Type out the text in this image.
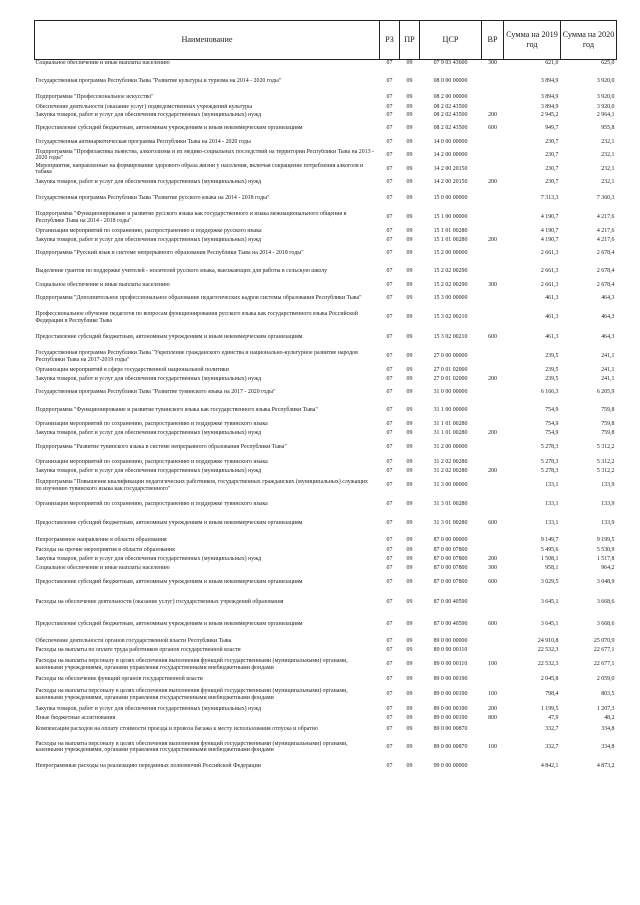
Наименование	РЗ	ПР	ЦСР	ВР	Сумма на 2019 год	Сумма на 2020 год
Социальное обеспечение и иные выплаты населению	07	09	07 9 03 43600	300	621,0	625,0
Государственная программа Республики Тыва "Развитие культуры и туризма на 2014 - 2020 годы"	07	09	08 0 00 00000		3 894,9	3 920,0
Подпрограмма "Профессиональное искусство"	07	09	08 2 00 00000		3 894,9	3 920,0
Обеспечение деятельности (оказание услуг) подведомственных учреждений культуры	07	09	08 2 02 43500		3 894,9	3 920,0
Закупка товаров, работ и услуг для обеспечения государственных (муниципальных) нужд	07	09	08 2 02 43500	200	2 945,2	2 964,1
Предоставление субсидий бюджетным, автономным учреждениям и иным некоммерческим организациям	07	09	08 2 02 43500	600	949,7	955,8
Государственная антинаркотическая программа Республики Тыва на 2014 - 2020 годы	07	09	14 0 00 00000		230,7	232,1
Подпрограмма "Профилактика пьянства, алкоголизма и их медико-социальных последствий на территории Республики Тыва на 2013 - 2020 годы"	07	09	14 2 00 00000		230,7	232,1
Мероприятия, направленные на формирование здорового образа жизни у населения, включая сокращение потребления алкоголя и табака	07	09	14 2 00 20150		230,7	232,1
Закупка товаров, работ и услуг для обеспечения государственных (муниципальных) нужд	07	09	14 2 00 20150	200	230,7	232,1
Государственная программа Республики Тыва "Развитие русского языка на 2014 - 2018 годы"	07	09	15 0 00 00000		7 313,3	7 360,3
Подпрограмма "Функционирование и развитие русского языка как государственного и языка межнационального общения в Республике Тыва на 2014 - 2018 годы"	07	09	15 1 00 00000		4 190,7	4 217,6
Организация мероприятий по сохранению, распространению и поддержке русского языка	07	09	15 1 01 00280		4 190,7	4 217,6
Закупка товаров, работ и услуг для обеспечения государственных (муниципальных) нужд	07	09	15 1 01 00280	200	4 190,7	4 217,6
Подпрограмма "Русский язык в системе непрерывного образования Республики Тыва на 2014 - 2018 годы"	07	09	15 2 00 00000		2 661,3	2 678,4
Выделение грантов по поддержке учителей - носителей русского языка, выезжающих для работы в сельскую школу	07	09	15 2 02 00290		2 661,3	2 678,4
Социальное обеспечение и иные выплаты населению	07	09	15 2 02 00290	300	2 661,3	2 678,4
Подпрограмма "Дополнительное профессиональное образование педагогических кадров системы образования Республики Тыва"	07	09	15 3 00 00000		461,3	464,3
Профессиональное обучение педагогов по вопросам функционирования русского языка как государственного языка Российской Федерации в Республике Тыва	07	09	15 3 02 00210		461,3	464,3
Предоставление субсидий бюджетным, автономным учреждениям и иным некоммерческим организациям	07	09	15 3 02 00210	600	461,3	464,3
Государственная программа Республики Тыва "Укрепление гражданского единства и национально-культурное развитие народов Республики Тыва на 2017-2019 годы"	07	09	27 0 00 00000		239,5	241,1
Организация мероприятий в сфере государственной национальной политики	07	09	27 0 01 02000		239,5	241,1
Закупка товаров, работ и услуг для обеспечения государственных (муниципальных) нужд	07	09	27 0 01 02000	200	239,5	241,1
Государственная программа Республики Тыва "Развитие тувинского языка на 2017 - 2020 годы"	07	09	31 0 00 00000		6 166,3	6 205,9
Подпрограмма "Функционирование и развитие тувинского языка как государственного языка Республики Тыва"	07	09	31 1 00 00000		754,9	759,8
Организация мероприятий по сохранению, распространению и поддержке тувинского языка	07	09	31 1 01 00280		754,9	759,8
Закупка товаров, работ и услуг для обеспечения государственных (муниципальных) нужд	07	09	31 1 01 00280	200	754,9	759,8
Подпрограмма "Развитие тувинского языка в системе непрерывного образования Республики Тыва"	07	09	31 2 00 00000		5 278,3	5 312,2
Организация мероприятий по сохранению, распространению и поддержке тувинского языка	07	09	31 2 02 00280		5 278,3	5 312,2
Закупка товаров, работ и услуг для обеспечения государственных (муниципальных) нужд	07	09	31 2 02 00280	200	5 278,3	5 312,2
Подпрограмма "Повышение квалификации педагогических работников, государственных гражданских (муниципальных) служащих по изучению тувинского языка как государственного"	07	09	31 3 00 00000		133,1	133,9
Организация мероприятий по сохранению, распространению и поддержке тувинского языка	07	09	31 3 01 00280		133,1	133,9
Предоставление субсидий бюджетным, автономным учреждениям и иным некоммерческим организациям	07	09	31 3 01 00280	600	133,1	133,9
Непрограммное направление в области образования	07	09	87 0 00 00000		9 149,7	9 199,5
Расходы на прочие мероприятия в области образования	07	09	87 0 00 07800		5 495,6	5 530,9
Закупка товаров, работ и услуг для обеспечения государственных (муниципальных) нужд	07	09	87 0 00 07800	200	1 508,1	1 517,8
Социальное обеспечение и иные выплаты населению	07	09	87 0 00 07800	300	958,1	964,2
Предоставление субсидий бюджетным, автономным учреждениям и иным некоммерческим организациям	07	09	87 0 00 07800	600	3 029,5	3 048,9
Расходы на обеспечение деятельности (оказание услуг) государственных учреждений образования	07	09	87 0 00 40590		3 645,1	3 668,6
Предоставление субсидий бюджетным, автономным учреждениям и иным некоммерческим организациям	07	09	87 0 00 40590	600	3 645,1	3 668,6
Обеспечение деятельности органов государственной власти Республики Тыва	07	09	89 0 00 00000		24 910,8	25 070,9
Расходы на выплаты по оплате труда работников органов государственной власти	07	09	89 0 00 00110		22 532,3	22 677,1
Расходы на выплаты персоналу в целях обеспечения выполнения функций государственными (муниципальными) органами, казенными учреждениями, органами управления государственными внебюджетными фондами	07	09	89 0 00 00110	100	22 532,3	22 677,1
Расходы на обеспечение функций органов государственной власти	07	09	89 0 00 00190		2 045,8	2 059,0
Расходы на выплаты персоналу в целях обеспечения выполнения функций государственными (муниципальными) органами, казенными учреждениями, органами управления государственными внебюджетными фондами	07	09	89 0 00 00190	100	798,4	803,5
Закупка товаров, работ и услуг для обеспечения государственных (муниципальных) нужд	07	09	89 0 00 00190	200	1 199,5	1 207,3
Иные бюджетные ассигнования	07	09	89 0 00 00190	800	47,9	48,2
Компенсация расходов на оплату стоимости проезда и провоза багажа к месту использования отпуска и обратно	07	09	89 0 00 00870		332,7	334,8
Расходы на выплаты персоналу в целях обеспечения выполнения функций государственными (муниципальными) органами, казенными учреждениями, органами управления государственными внебюджетными фондами	07	09	89 0 00 00870	100	332,7	334,8
Непрограммные расходы на реализацию переданных полномочий Российской Федерации	07	09	99 0 00 00000		4 842,1	4 873,2
